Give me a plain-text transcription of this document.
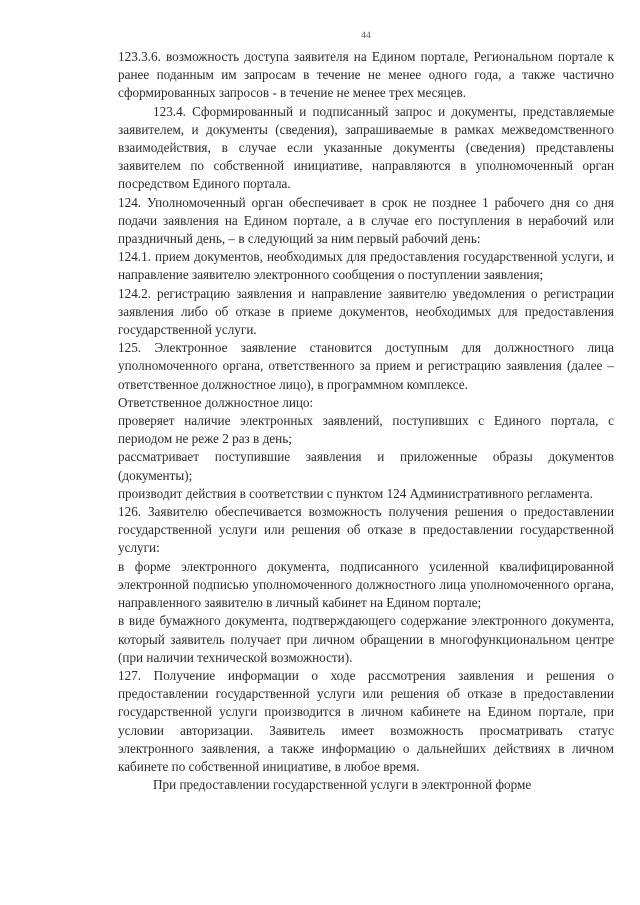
44

123.3.6. возможность доступа заявителя на Едином портале, Региональном портале к ранее поданным им запросам в течение не менее одного года, а также частично сформированных запросов - в течение не менее трех месяцев.

123.4. Сформированный и подписанный запрос и документы, представляемые заявителем, и документы (сведения), запрашиваемые в рамках межведомственного взаимодействия, в случае если указанные документы (сведения) представлены заявителем по собственной инициативе, направляются в уполномоченный орган посредством Единого портала.

124. Уполномоченный орган обеспечивает в срок не позднее 1 рабочего дня со дня подачи заявления на Едином портале, а в случае его поступления в нерабочий или праздничный день, – в следующий за ним первый рабочий день:

124.1. прием документов, необходимых для предоставления государственной услуги, и направление заявителю электронного сообщения о поступлении заявления;

124.2. регистрацию заявления и направление заявителю уведомления о регистрации заявления либо об отказе в приеме документов, необходимых для предоставления государственной услуги.

125. Электронное заявление становится доступным для должностного лица уполномоченного органа, ответственного за прием и регистрацию заявления (далее – ответственное должностное лицо), в программном комплексе.

Ответственное должностное лицо:

проверяет наличие электронных заявлений, поступивших с Единого портала, с периодом не реже 2 раз в день;

рассматривает поступившие заявления и приложенные образы документов (документы);

производит действия в соответствии с пунктом 124 Административного регламента.

126. Заявителю обеспечивается возможность получения решения о предоставлении государственной услуги или решения об отказе в предоставлении государственной услуги:

в форме электронного документа, подписанного усиленной квалифицированной электронной подписью уполномоченного должностного лица уполномоченного органа, направленного заявителю в личный кабинет на Едином портале;

в виде бумажного документа, подтверждающего содержание электронного документа, который заявитель получает при личном обращении в многофункциональном центре (при наличии технической возможности).

127. Получение информации о ходе рассмотрения заявления и решения о предоставлении государственной услуги или решения об отказе в предоставлении государственной услуги производится в личном кабинете на Едином портале, при условии авторизации. Заявитель имеет возможность просматривать статус электронного заявления, а также информацию о дальнейших действиях в личном кабинете по собственной инициативе, в любое время.

При предоставлении государственной услуги в электронной форме
